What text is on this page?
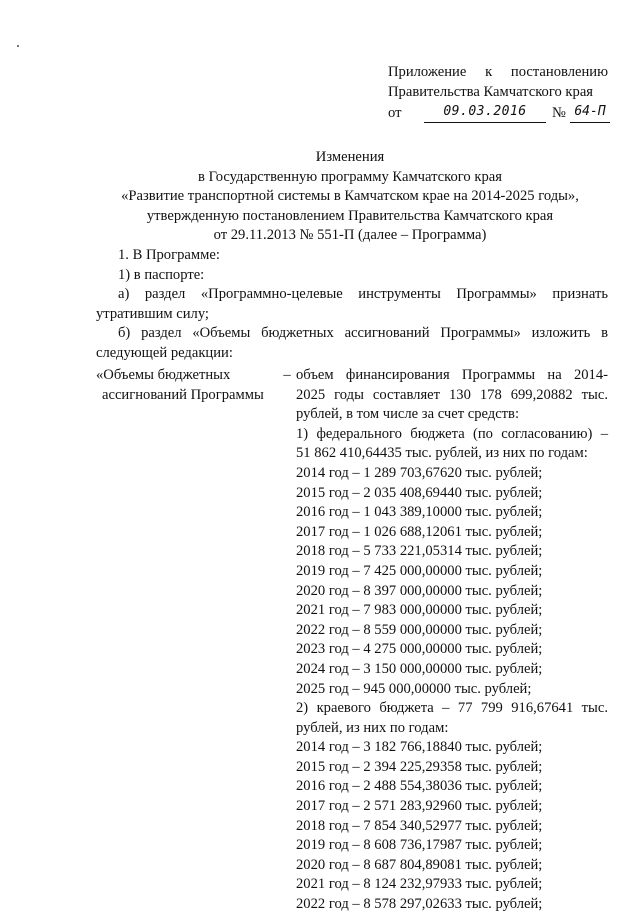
Приложение к постановлению
Правительства Камчатского края
от	09.03.2016	№ 64-П
Изменения
в Государственную программу Камчатского края
«Развитие транспортной системы в Камчатском крае на 2014-2025 годы»,
утвержденную постановлением Правительства Камчатского края
от 29.11.2013 № 551-П (далее – Программа)

1. В Программе:

1) в паспорте:

а) раздел «Программно-целевые инструменты Программы» признать

утратившим силу;

б) раздел «Объемы бюджетных ассигнований Программы» изложить в

следующей редакции:

«Объемы бюджетных
ассигнований Программы
– объем финансирования Программы на 2014-
2025 годы составляет 130 178 699,20882 тыс.
рублей, в том числе за счет средств:
1) федерального бюджета (по согласованию) –
51 862 410,64435 тыс. рублей, из них по годам:
2014 год – 1 289 703,67620 тыс. рублей;
2015 год – 2 035 408,69440 тыс. рублей;
2016 год – 1 043 389,10000 тыс. рублей;
2017 год – 1 026 688,12061 тыс. рублей;
2018 год – 5 733 221,05314 тыс. рублей;
2019 год – 7 425 000,00000 тыс. рублей;
2020 год – 8 397 000,00000 тыс. рублей;
2021 год – 7 983 000,00000 тыс. рублей;
2022 год – 8 559 000,00000 тыс. рублей;
2023 год – 4 275 000,00000 тыс. рублей;
2024 год – 3 150 000,00000 тыс. рублей;
2025 год – 945 000,00000 тыс. рублей;
2) краевого бюджета – 77 799 916,67641 тыс.
рублей, из них по годам:
2014 год – 3 182 766,18840 тыс. рублей;
2015 год – 2 394 225,29358 тыс. рублей;
2016 год – 2 488 554,38036 тыс. рублей;
2017 год – 2 571 283,92960 тыс. рублей;
2018 год – 7 854 340,52977 тыс. рублей;
2019 год – 8 608 736,17987 тыс. рублей;
2020 год – 8 687 804,89081 тыс. рублей;
2021 год – 8 124 232,97933 тыс. рублей;
2022 год – 8 578 297,02633 тыс. рублей;
